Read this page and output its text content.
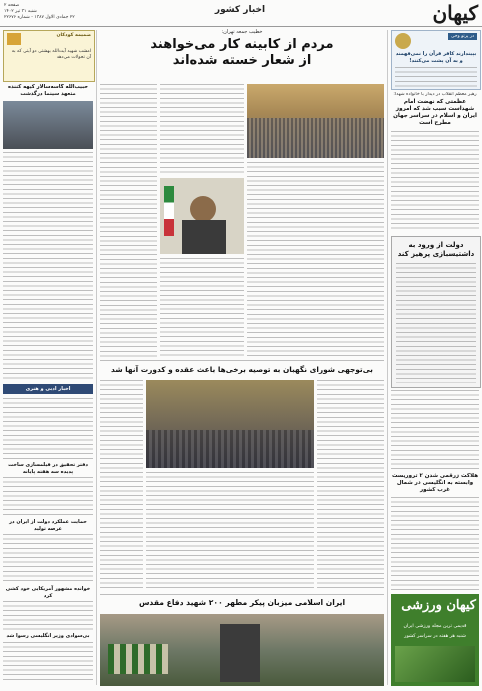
کیهان
اخبار کشور
صفحه ۲
شنبه ۳۱ تیر ۱۴۰۲
۲۲ جمادی الاول ۱۳۸۷ - شماره ۲۲۶۷۶
در پرتو وحی
بپیندارند کافر قرآن را نمی‌فهمند و به آن پشت می‌کنند!
رهبر معظم انقلاب در دیدار با خانواده شهدا:
عظمتی که نهضت امام شهداست سبب شد که امروز ایران و اسلام در سراسر جهان مطرح است
دولت از ورود به داشتیسبازی پرهیز کند
هلاکت زرقمی شدن ۲ تروریست وابسته به انگلیسی در شمال غرب کشور
کیهان ورزشی
قدیمی ترین مجله ورزشی ایران
شنبه هر هفته در سراسر کشور
خطیب جمعه تهران:
مردم از کابینه کار می‌خواهند
از شعار خسته شده‌اند
بی‌توجهی شورای نگهبان به توصیه برخی‌ها باعث عقده و کدورت آنها شد
ایران اسلامی میزبان پیکر مطهر ۲۰۰ شهید دفاع مقدس
ضمیمه کودکان
امشب شهید آیت‌الله بهشتی دو آیتی که به آن تحولات می‌دهد
حبیب‌الله گاسه‌سالار کیهه کننده متعهد سینما درگذشت
اخبار ادبی و هنری
دفتر تحقیق در فیلمسازی ساخت پدیده سه هفته پایانه
حمایت عملکرد دولت از ایران در عرصه تولید
خوانده مشهور آمریکایی خود کشی کرد
بی‌سوادی وزیر انگلیسی رسوا شد
